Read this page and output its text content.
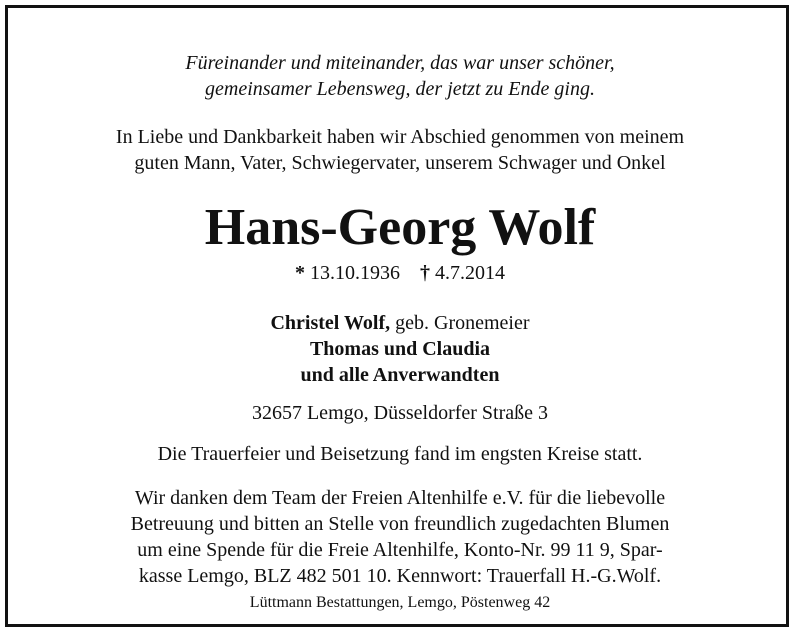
Füreinander und miteinander, das war unser schöner,
gemeinsamer Lebensweg, der jetzt zu Ende ging.
In Liebe und Dankbarkeit haben wir Abschied genommen von meinem
guten Mann, Vater, Schwiegervater, unserem Schwager und Onkel
Hans-Georg Wolf
* 13.10.1936 † 4.7.2014
Christel Wolf, geb. Gronemeier
Thomas und Claudia
und alle Anverwandten
32657 Lemgo, Düsseldorfer Straße 3
Die Trauerfeier und Beisetzung fand im engsten Kreise statt.
Wir danken dem Team der Freien Altenhilfe e.V. für die liebevolle
Betreuung und bitten an Stelle von freundlich zugedachten Blumen
um eine Spende für die Freie Altenhilfe, Konto-Nr. 99 11 9, Spar-
kasse Lemgo, BLZ 482 501 10. Kennwort: Trauerfall H.-G.Wolf.
Lüttmann Bestattungen, Lemgo, Pöstenweg 42
